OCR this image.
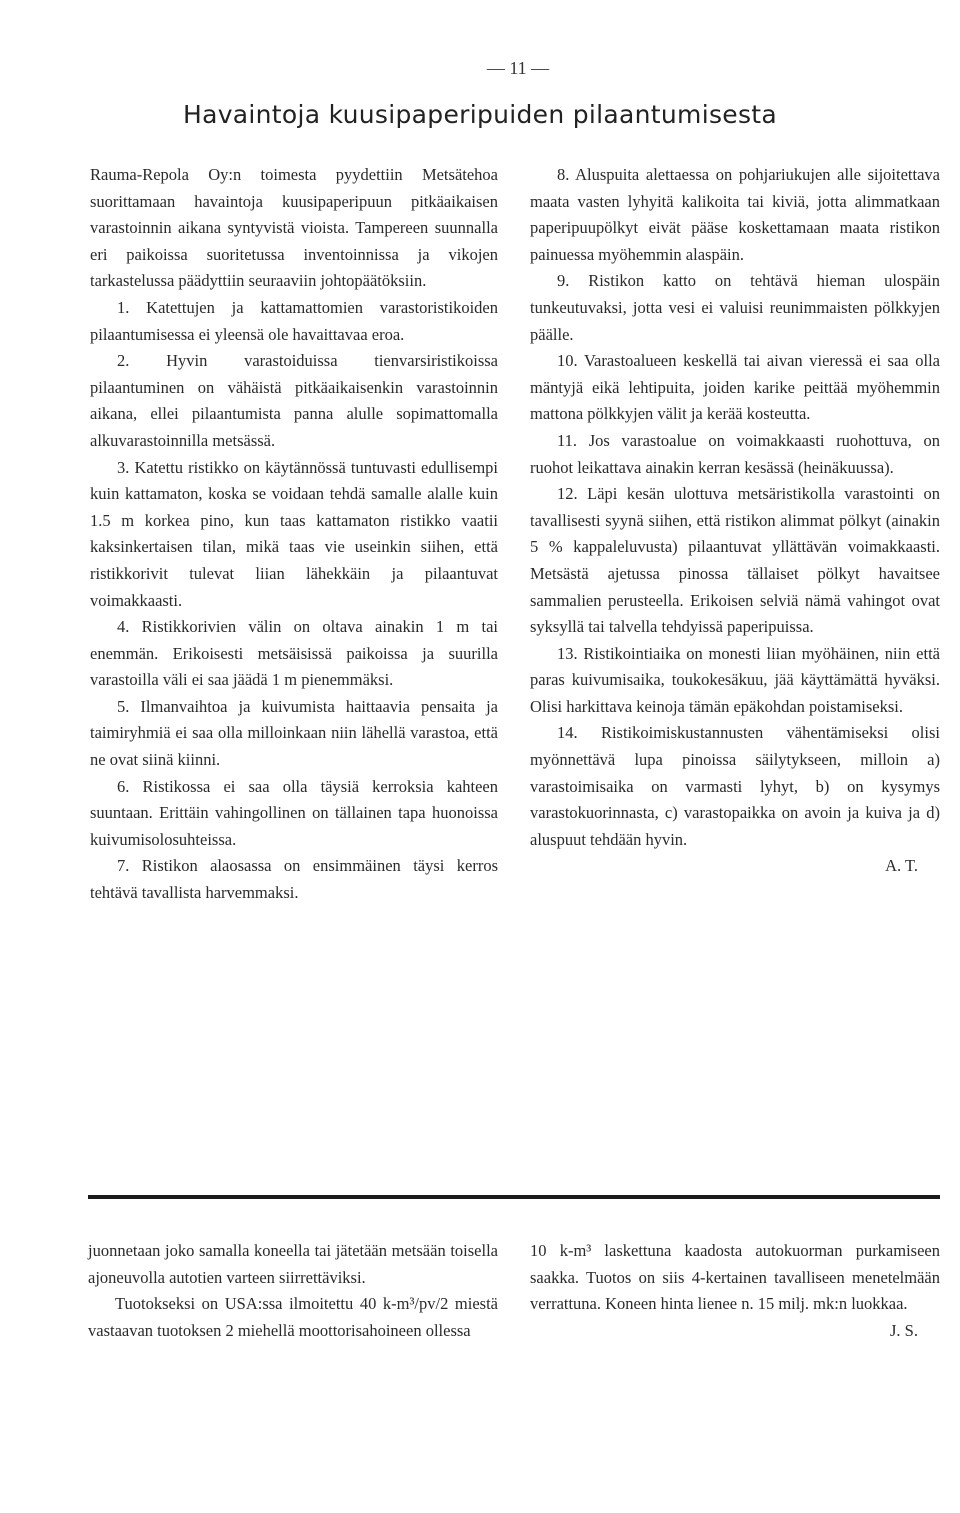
— 11 —
Havaintoja kuusipaperipuiden pilaantumisesta

Rauma-Repola Oy:n toimesta pyydettiin Metsätehoa suorittamaan havaintoja kuusipaperipuun pitkäaikaisen varastoinnin aikana syntyvistä vioista. Tampereen suunnalla eri paikoissa suoritetussa inventoinnissa ja vikojen tarkastelussa päädyttiin seuraaviin johtopäätöksiin.

1. Katettujen ja kattamattomien varastoristikoiden pilaantumisessa ei yleensä ole havaittavaa eroa.

2. Hyvin varastoiduissa tienvarsiristikoissa pilaantuminen on vähäistä pitkäaikaisenkin varastoinnin aikana, ellei pilaantumista panna alulle sopimattomalla alkuvarastoinnilla metsässä.

3. Katettu ristikko on käytännössä tuntuvasti edullisempi kuin kattamaton, koska se voidaan tehdä samalle alalle kuin 1.5 m korkea pino, kun taas kattamaton ristikko vaatii kaksinkertaisen tilan, mikä taas vie useinkin siihen, että ristikkorivit tulevat liian lähekkäin ja pilaantuvat voimakkaasti.

4. Ristikkorivien välin on oltava ainakin 1 m tai enemmän. Erikoisesti metsäisissä paikoissa ja suurilla varastoilla väli ei saa jäädä 1 m pienemmäksi.

5. Ilmanvaihtoa ja kuivumista haittaavia pensaita ja taimiryhmiä ei saa olla milloinkaan niin lähellä varastoa, että ne ovat siinä kiinni.

6. Ristikossa ei saa olla täysiä kerroksia kahteen suuntaan. Erittäin vahingollinen on tällainen tapa huonoissa kuivumisolosuhteissa.

7. Ristikon alaosassa on ensimmäinen täysi kerros tehtävä tavallista harvemmaksi.

8. Aluspuita alettaessa on pohjariukujen alle sijoitettava maata vasten lyhyitä kalikoita tai kiviä, jotta alimmatkaan paperipuupölkyt eivät pääse koskettamaan maata ristikon painuessa myöhemmin alaspäin.

9. Ristikon katto on tehtävä hieman ulospäin tunkeutuvaksi, jotta vesi ei valuisi reunimmaisten pölkkyjen päälle.

10. Varastoalueen keskellä tai aivan vieressä ei saa olla mäntyjä eikä lehtipuita, joiden karike peittää myöhemmin mattona pölkkyjen välit ja kerää kosteutta.

11. Jos varastoalue on voimakkaasti ruohottuva, on ruohot leikattava ainakin kerran kesässä (heinäkuussa).

12. Läpi kesän ulottuva metsäristikolla varastointi on tavallisesti syynä siihen, että ristikon alimmat pölkyt (ainakin 5 % kappaleluvusta) pilaantuvat yllättävän voimakkaasti. Metsästä ajetussa pinossa tällaiset pölkyt havaitsee sammalien perusteella. Erikoisen selviä nämä vahingot ovat syksyllä tai talvella tehdyissä paperipuissa.

13. Ristikointiaika on monesti liian myöhäinen, niin että paras kuivumisaika, toukokesäkuu, jää käyttämättä hyväksi. Olisi harkittava keinoja tämän epäkohdan poistamiseksi.

14. Ristikoimiskustannusten vähentämiseksi olisi myönnettävä lupa pinoissa säilytykseen, milloin a) varastoimisaika on varmasti lyhyt, b) on kysymys varastokuorinnasta, c) varastopaikka on avoin ja kuiva ja d) aluspuut tehdään hyvin.

A. T.

juonnetaan joko samalla koneella tai jätetään metsään toisella ajoneuvolla autotien varteen siirrettäviksi.

Tuotokseksi on USA:ssa ilmoitettu 40 k-m³/pv/2 miestä vastaavan tuotoksen 2 miehellä moottorisahoineen ollessa

10 k-m³ laskettuna kaadosta autokuorman purkamiseen saakka. Tuotos on siis 4-kertainen tavalliseen menetelmään verrattuna. Koneen hinta lienee n. 15 milj. mk:n luokkaa.

J. S.
